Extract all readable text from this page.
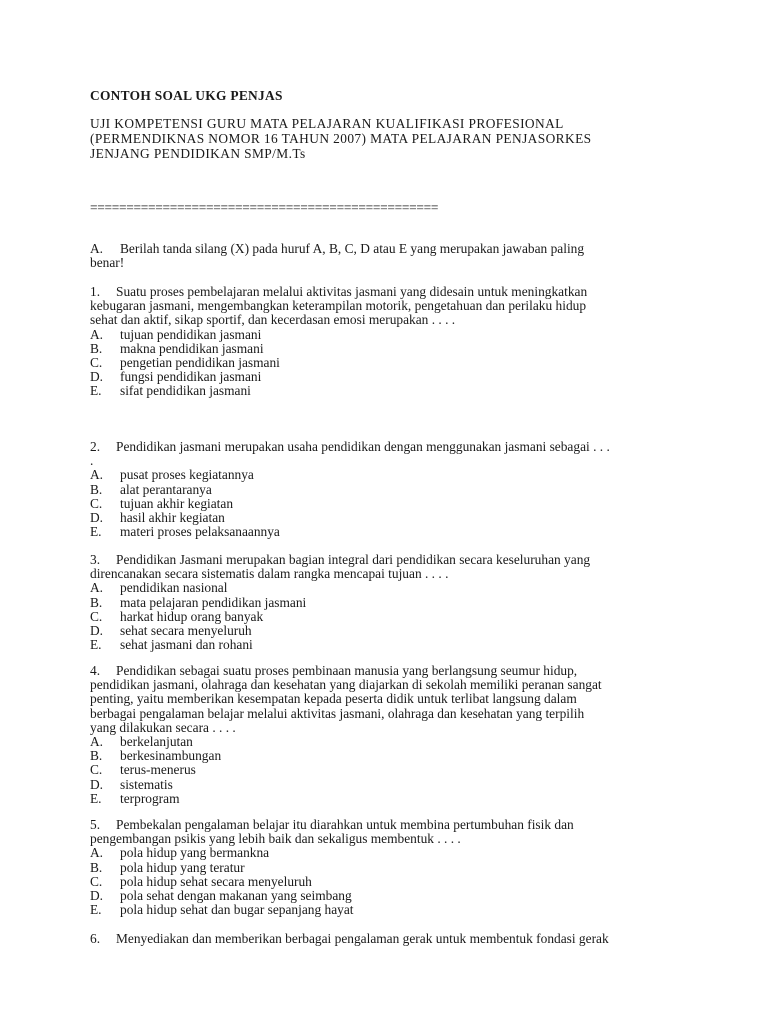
CONTOH SOAL UKG PENJAS
UJI KOMPETENSI GURU MATA PELAJARAN KUALIFIKASI PROFESIONAL
(PERMENDIKNAS NOMOR 16 TAHUN 2007) MATA PELAJARAN PENJASORKES
JENJANG PENDIDIKAN SMP/M.Ts
================================================
A. Berilah tanda silang (X) pada huruf A, B, C, D atau E yang merupakan jawaban paling
benar!
1. Suatu proses pembelajaran melalui aktivitas jasmani yang didesain untuk meningkatkan
kebugaran jasmani, mengembangkan keterampilan motorik, pengetahuan dan perilaku hidup
sehat dan aktif, sikap sportif, dan kecerdasan emosi merupakan . . . .
A. tujuan pendidikan jasmani
B. makna pendidikan jasmani
C. pengetian pendidikan jasmani
D. fungsi pendidikan jasmani
E. sifat pendidikan jasmani
2. Pendidikan jasmani merupakan usaha pendidikan dengan menggunakan jasmani sebagai . . .
.
A. pusat proses kegiatannya
B. alat perantaranya
C. tujuan akhir kegiatan
D. hasil akhir kegiatan
E. materi proses pelaksanaannya
3. Pendidikan Jasmani merupakan bagian integral dari pendidikan secara keseluruhan yang
direncanakan secara sistematis dalam rangka mencapai tujuan . . . .
A. pendidikan nasional
B. mata pelajaran pendidikan jasmani
C. harkat hidup orang banyak
D. sehat secara menyeluruh
E. sehat jasmani dan rohani
4. Pendidikan sebagai suatu proses pembinaan manusia yang berlangsung seumur hidup,
pendidikan jasmani, olahraga dan kesehatan yang diajarkan di sekolah memiliki peranan sangat
penting, yaitu memberikan kesempatan kepada peserta didik untuk terlibat langsung dalam
berbagai pengalaman belajar melalui aktivitas jasmani, olahraga dan kesehatan yang terpilih
yang dilakukan secara . . . .
A. berkelanjutan
B. berkesinambungan
C. terus-menerus
D. sistematis
E. terprogram
5. Pembekalan pengalaman belajar itu diarahkan untuk membina pertumbuhan fisik dan
pengembangan psikis yang lebih baik dan sekaligus membentuk . . . .
A. pola hidup yang bermankna
B. pola hidup yang teratur
C. pola hidup sehat secara menyeluruh
D. pola sehat dengan makanan yang seimbang
E. pola hidup sehat dan bugar sepanjang hayat
6. Menyediakan dan memberikan berbagai pengalaman gerak untuk membentuk fondasi gerak
